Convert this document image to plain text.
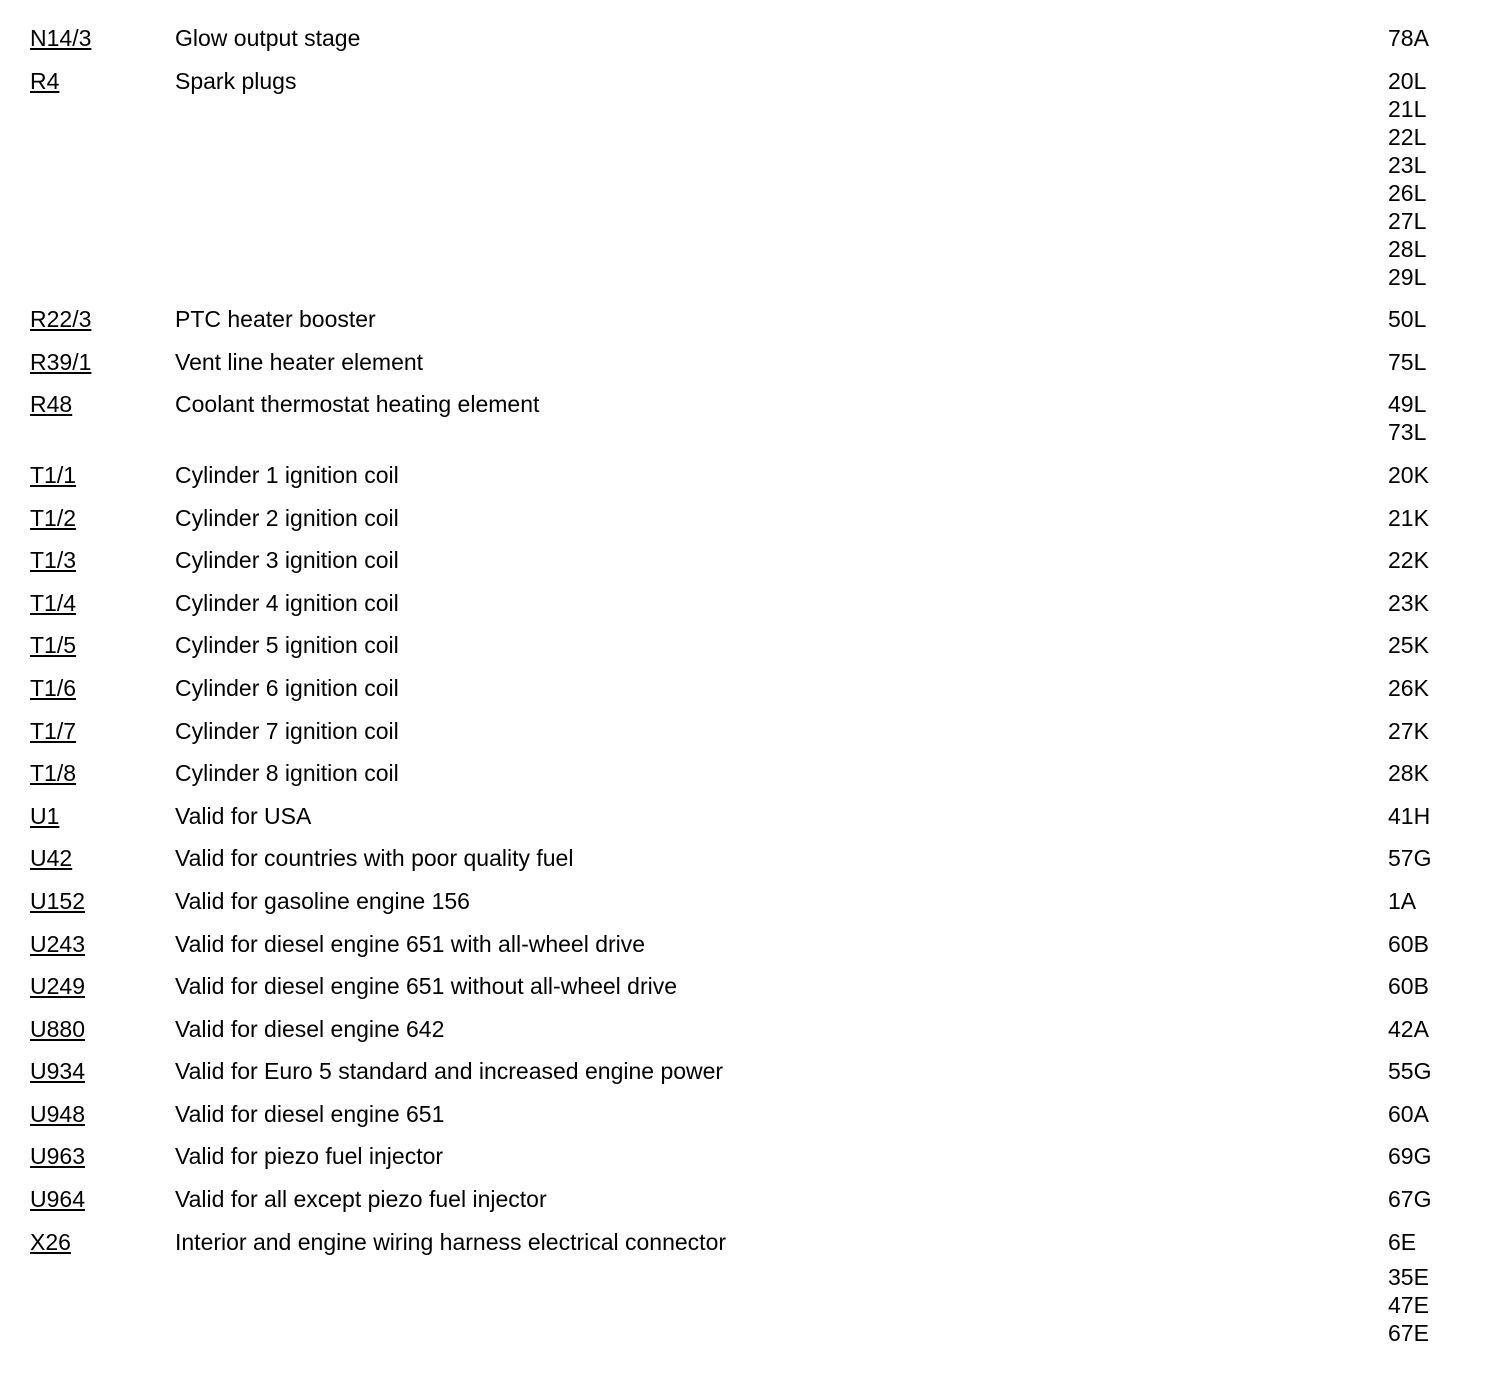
N14/3	Glow output stage	78A
R4	Spark plugs	20L
21L
22L
23L
26L
27L
28L
29L
R22/3	PTC heater booster	50L
R39/1	Vent line heater element	75L
R48	Coolant thermostat heating element	49L
73L
T1/1	Cylinder 1 ignition coil	20K
T1/2	Cylinder 2 ignition coil	21K
T1/3	Cylinder 3 ignition coil	22K
T1/4	Cylinder 4 ignition coil	23K
T1/5	Cylinder 5 ignition coil	25K
T1/6	Cylinder 6 ignition coil	26K
T1/7	Cylinder 7 ignition coil	27K
T1/8	Cylinder 8 ignition coil	28K
U1	Valid for USA	41H
U42	Valid for countries with poor quality fuel	57G
U152	Valid for gasoline engine 156	1A
U243	Valid for diesel engine 651 with all-wheel drive	60B
U249	Valid for diesel engine 651 without all-wheel drive	60B
U880	Valid for diesel engine 642	42A
U934	Valid for Euro 5 standard and increased engine power	55G
U948	Valid for diesel engine 651	60A
U963	Valid for piezo fuel injector	69G
U964	Valid for all except piezo fuel injector	67G
X26	Interior and engine wiring harness electrical connector	6E
35E
47E
67E
